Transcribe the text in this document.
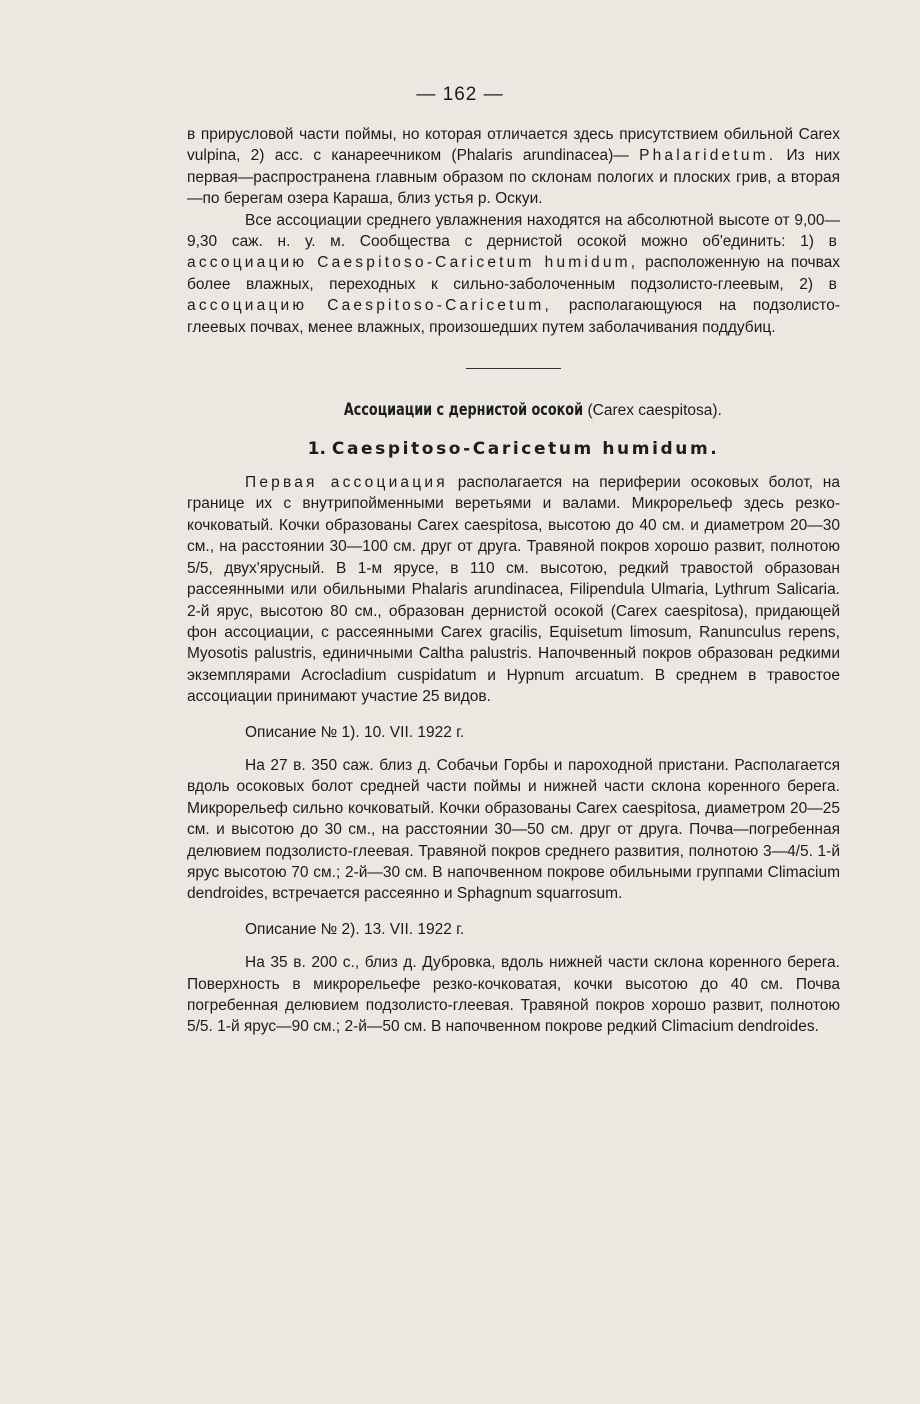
— 162 —

в прирусловой части поймы, но которая отличается здесь присутствием обильной Carex vulpina, 2) асс. с канареечником (Phalaris arundinacea)— Phalaridetum. Из них первая—распространена главным образом по склонам пологих и плоских грив, а вторая—по берегам озера Караша, близ устья р. Оскуи.

Все ассоциации среднего увлажнения находятся на абсолютной высоте от 9,00—9,30 саж. н. у. м. Сообщества с дернистой осокой можно об'единить: 1) в ассоциацию Caespitoso-Caricetum humidum, расположенную на почвах более влажных, переходных к сильно-заболоченным подзолисто-глеевым, 2) в ассоциацию Caespitoso-Caricetum, располагающуюся на подзолисто-глеевых почвах, менее влажных, произошедших путем заболачивания поддубиц.

Ассоциации с дернистой осокой (Carex caespitosa).
1. Caespitoso-Caricetum humidum.

Первая ассоциация располагается на периферии осоковых болот, на границе их с внутрипойменными веретьями и валами. Микрорельеф здесь резко-кочковатый. Кочки образованы Carex caespitosa, высотою до 40 см. и диаметром 20—30 см., на расстоянии 30—100 см. друг от друга. Травяной покров хорошо развит, полнотою 5/5, двух'ярусный. В 1-м ярусе, в 110 см. высотою, редкий травостой образован рассеянными или обильными Phalaris arundinacea, Filipendula Ulmaria, Lythrum Salicaria. 2-й ярус, высотою 80 см., образован дернистой осокой (Carex caespitosa), придающей фон ассоциации, с рассеянными Carex gracilis, Equisetum limosum, Ranunculus repens, Myosotis palustris, единичными Caltha palustris. Напочвенный покров образован редкими экземплярами Acrocladium cuspidatum и Hypnum arcuatum. В среднем в травостое ассоциации принимают участие 25 видов.

Описание № 1). 10. VII. 1922 г.

На 27 в. 350 саж. близ д. Собачьи Горбы и пароходной пристани. Располагается вдоль осоковых болот средней части поймы и нижней части склона коренного берега. Микрорельеф сильно кочковатый. Кочки образованы Carex caespitosa, диаметром 20—25 см. и высотою до 30 см., на расстоянии 30—50 см. друг от друга. Почва—погребенная делювием подзолисто-глеевая. Травяной покров среднего развития, полнотою 3—4/5. 1-й ярус высотою 70 см.; 2-й—30 см. В напочвенном покрове обильными группами Climacium dendroides, встречается рассеянно и Sphagnum squarrosum.

Описание № 2). 13. VII. 1922 г.

На 35 в. 200 с., близ д. Дубровка, вдоль нижней части склона коренного берега. Поверхность в микрорельефе резко-кочковатая, кочки высотою до 40 см. Почва погребенная делювием подзолисто-глеевая. Травяной покров хорошо развит, полнотою 5/5. 1-й ярус—90 см.; 2-й—50 см. В напочвенном покрове редкий Climacium dendroides.
